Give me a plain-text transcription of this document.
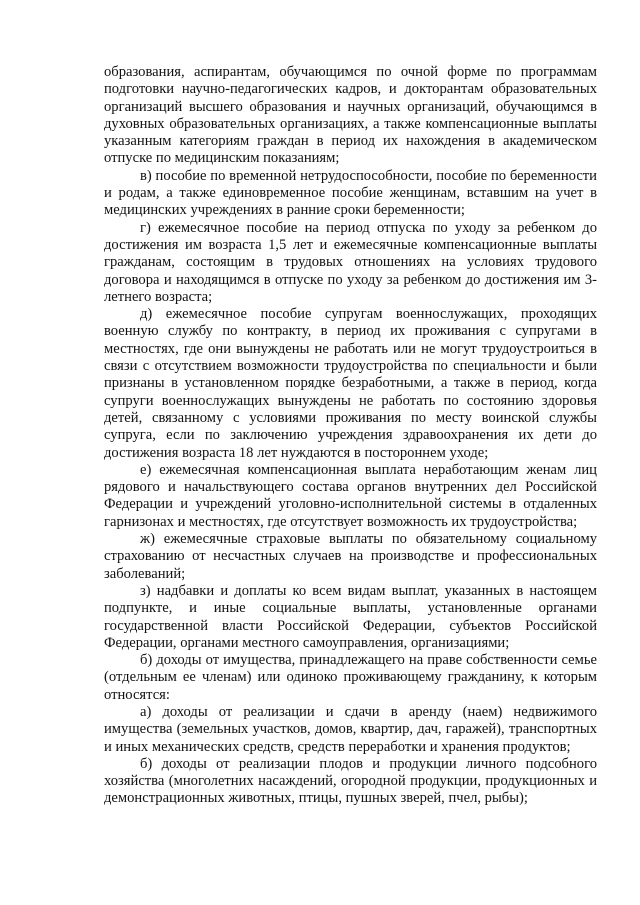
образования, аспирантам, обучающимся по очной форме по программам подготовки научно-педагогических кадров, и докторантам образовательных организаций высшего образования и научных организаций, обучающимся в духовных образовательных организациях, а также компенсационные выплаты указанным категориям граждан в период их нахождения в академическом отпуске по медицинским показаниям;

в) пособие по временной нетрудоспособности, пособие по беременности и родам, а также единовременное пособие женщинам, вставшим на учет в медицинских учреждениях в ранние сроки беременности;

г) ежемесячное пособие на период отпуска по уходу за ребенком до достижения им возраста 1,5 лет и ежемесячные компенсационные выплаты гражданам, состоящим в трудовых отношениях на условиях трудового договора и находящимся в отпуске по уходу за ребенком до достижения им 3-летнего возраста;

д) ежемесячное пособие супругам военнослужащих, проходящих военную службу по контракту, в период их проживания с супругами в местностях, где они вынуждены не работать или не могут трудоустроиться в связи с отсутствием возможности трудоустройства по специальности и были признаны в установленном порядке безработными, а также в период, когда супруги военнослужащих вынуждены не работать по состоянию здоровья детей, связанному с условиями проживания по месту воинской службы супруга, если по заключению учреждения здравоохранения их дети до достижения возраста 18 лет нуждаются в постороннем уходе;

е) ежемесячная компенсационная выплата неработающим женам лиц рядового и начальствующего состава органов внутренних дел Российской Федерации и учреждений уголовно-исполнительной системы в отдаленных гарнизонах и местностях, где отсутствует возможность их трудоустройства;

ж) ежемесячные страховые выплаты по обязательному социальному страхованию от несчастных случаев на производстве и профессиональных заболеваний;

з) надбавки и доплаты ко всем видам выплат, указанных в настоящем подпункте, и иные социальные выплаты, установленные органами государственной власти Российской Федерации, субъектов Российской Федерации, органами местного самоуправления, организациями;

б) доходы от имущества, принадлежащего на праве собственности семье (отдельным ее членам) или одиноко проживающему гражданину, к которым относятся:

а) доходы от реализации и сдачи в аренду (наем) недвижимого имущества (земельных участков, домов, квартир, дач, гаражей), транспортных и иных механических средств, средств переработки и хранения продуктов;

б) доходы от реализации плодов и продукции личного подсобного хозяйства (многолетних насаждений, огородной продукции, продукционных и демонстрационных животных, птицы, пушных зверей, пчел, рыбы);
